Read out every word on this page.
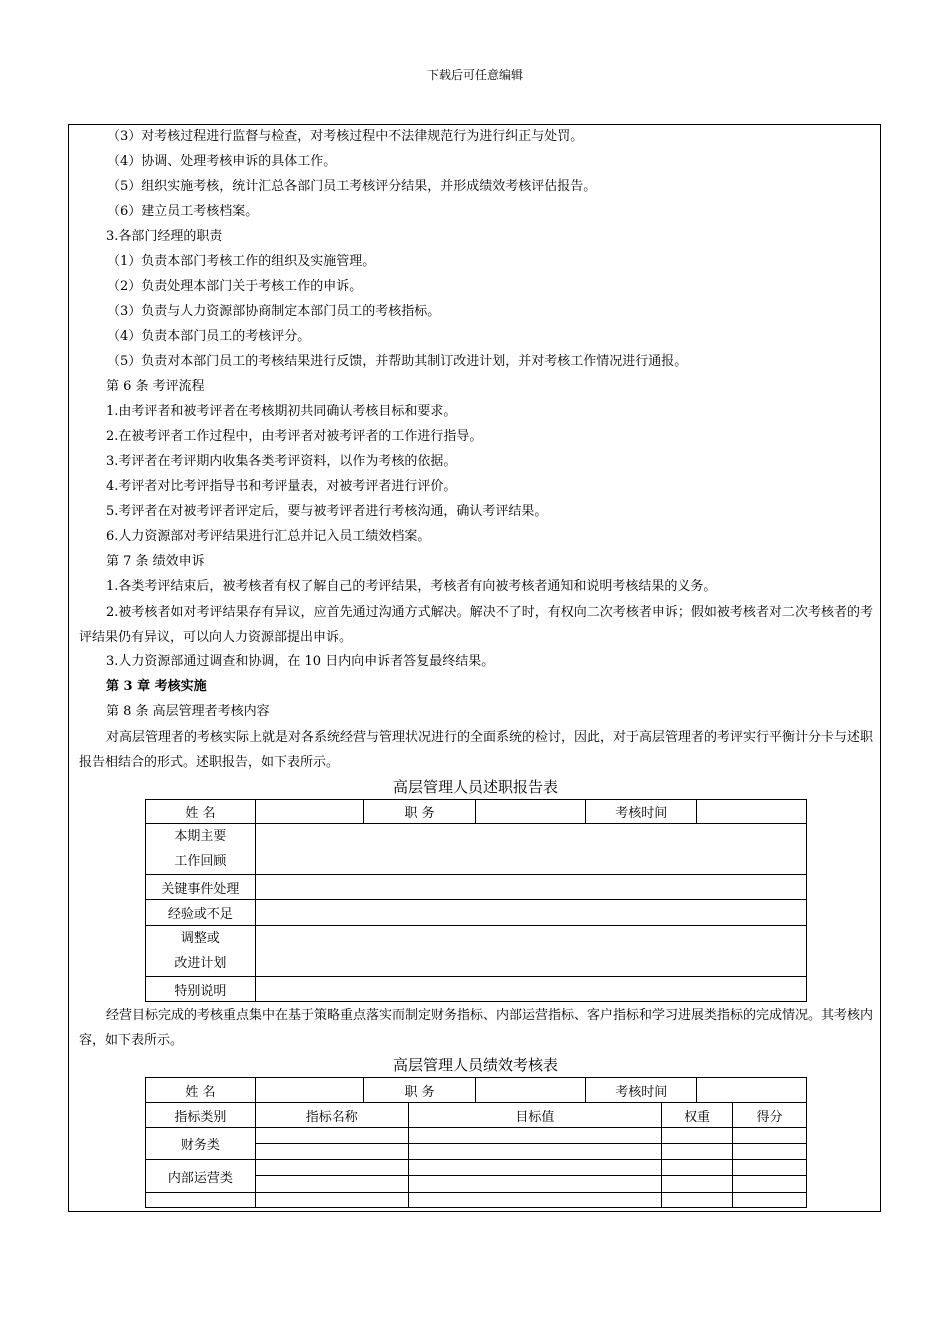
下载后可任意编辑
（3）对考核过程进行监督与检查，对考核过程中不法律规范行为进行纠正与处罚。
（4）协调、处理考核申诉的具体工作。
（5）组织实施考核，统计汇总各部门员工考核评分结果，并形成绩效考核评估报告。
（6）建立员工考核档案。
3.各部门经理的职责
（1）负责本部门考核工作的组织及实施管理。
（2）负责处理本部门关于考核工作的申诉。
（3）负责与人力资源部协商制定本部门员工的考核指标。
（4）负责本部门员工的考核评分。
（5）负责对本部门员工的考核结果进行反馈，并帮助其制订改进计划，并对考核工作情况进行通报。
第 6 条 考评流程
1.由考评者和被考评者在考核期初共同确认考核目标和要求。
2.在被考评者工作过程中，由考评者对被考评者的工作进行指导。
3.考评者在考评期内收集各类考评资料，以作为考核的依据。
4.考评者对比考评指导书和考评量表，对被考评者进行评价。
5.考评者在对被考评者评定后，要与被考评者进行考核沟通，确认考评结果。
6.人力资源部对考评结果进行汇总并记入员工绩效档案。
第 7 条 绩效申诉
1.各类考评结束后，被考核者有权了解自己的考评结果，考核者有向被考核者通知和说明考核结果的义务。
2.被考核者如对考评结果存有异议，应首先通过沟通方式解决。解决不了时，有权向二次考核者申诉；假如被考核者对二次考核者的考评结果仍有异议，可以向人力资源部提出申诉。
3.人力资源部通过调查和协调，在 10 日内向申诉者答复最终结果。
第 3 章 考核实施
第 8 条 高层管理者考核内容
对高层管理者的考核实际上就是对各系统经营与管理状况进行的全面系统的检讨，因此，对于高层管理者的考评实行平衡计分卡与述职报告相结合的形式。述职报告，如下表所示。
高层管理人员述职报告表
姓 名		职 务		考核时间	

本期主要
工作回顾					

关键事件处理					
经验或不足					

调整或
改进计划					

特别说明					
经营目标完成的考核重点集中在基于策略重点落实而制定财务指标、内部运营指标、客户指标和学习进展类指标的完成情况。其考核内容，如下表所示。
高层管理人员绩效考核表
姓 名		职 务			考核时间			
指标类别	指标名称		目标值			权重		得分
财务类								

内部运营类								
